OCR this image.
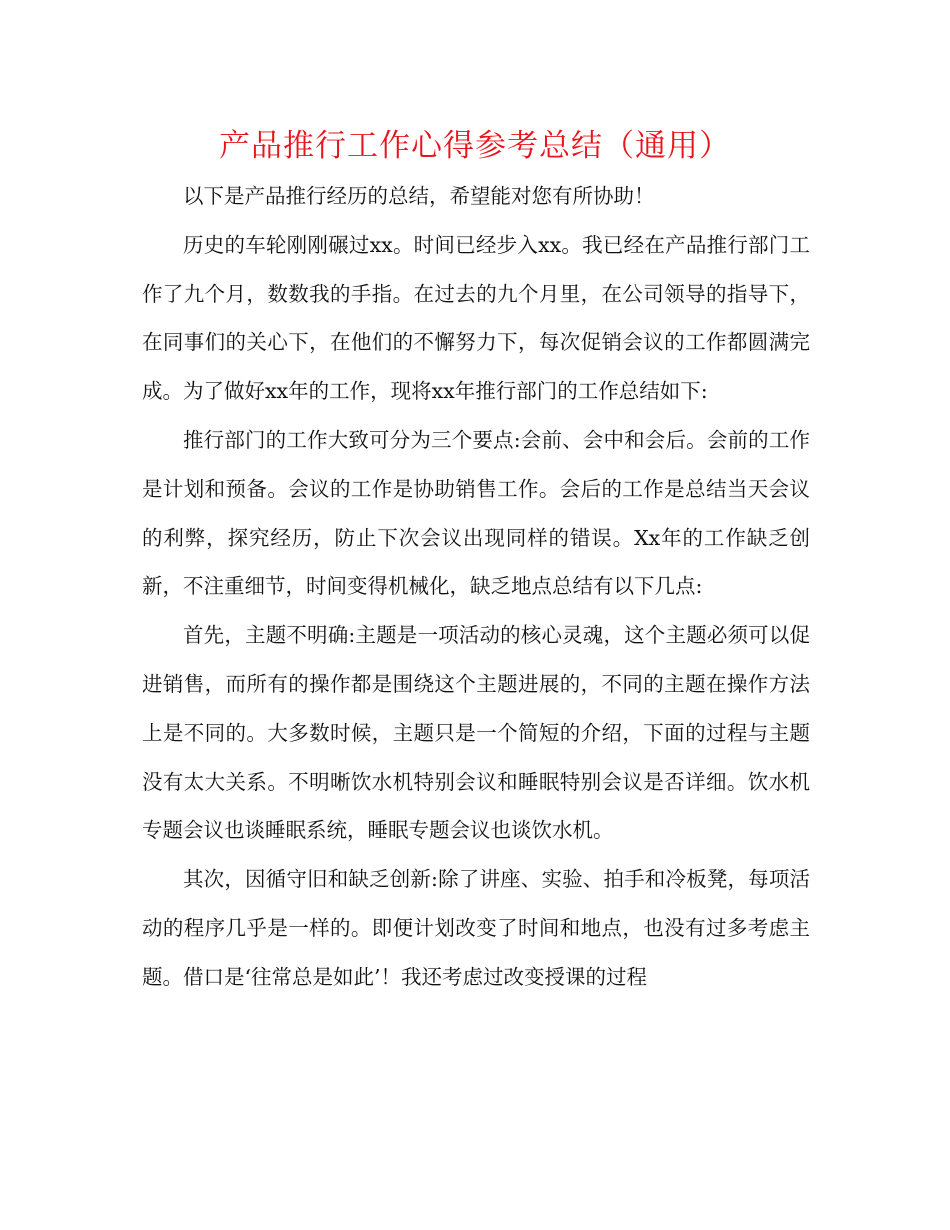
产品推行工作心得参考总结（通用）

以下是产品推行经历的总结，希望能对您有所协助！

历史的车轮刚刚碾过xx。时间已经步入xx。我已经在产品推行部门工作了九个月，数数我的手指。在过去的九个月里，在公司领导的指导下，在同事们的关心下，在他们的不懈努力下，每次促销会议的工作都圆满完成。为了做好xx年的工作，现将xx年推行部门的工作总结如下:

推行部门的工作大致可分为三个要点:会前、会中和会后。会前的工作是计划和预备。会议的工作是协助销售工作。会后的工作是总结当天会议的利弊，探究经历，防止下次会议出现同样的错误。Xx年的工作缺乏创新，不注重细节，时间变得机械化，缺乏地点总结有以下几点:

首先，主题不明确:主题是一项活动的核心灵魂，这个主题必须可以促进销售，而所有的操作都是围绕这个主题进展的，不同的主题在操作方法上是不同的。大多数时候，主题只是一个简短的介绍，下面的过程与主题没有太大关系。不明晰饮水机特别会议和睡眠特别会议是否详细。饮水机专题会议也谈睡眠系统，睡眠专题会议也谈饮水机。

其次，因循守旧和缺乏创新:除了讲座、实验、拍手和冷板凳，每项活动的程序几乎是一样的。即便计划改变了时间和地点，也没有过多考虑主题。借口是‘往常总是如此’！我还考虑过改变授课的过程
